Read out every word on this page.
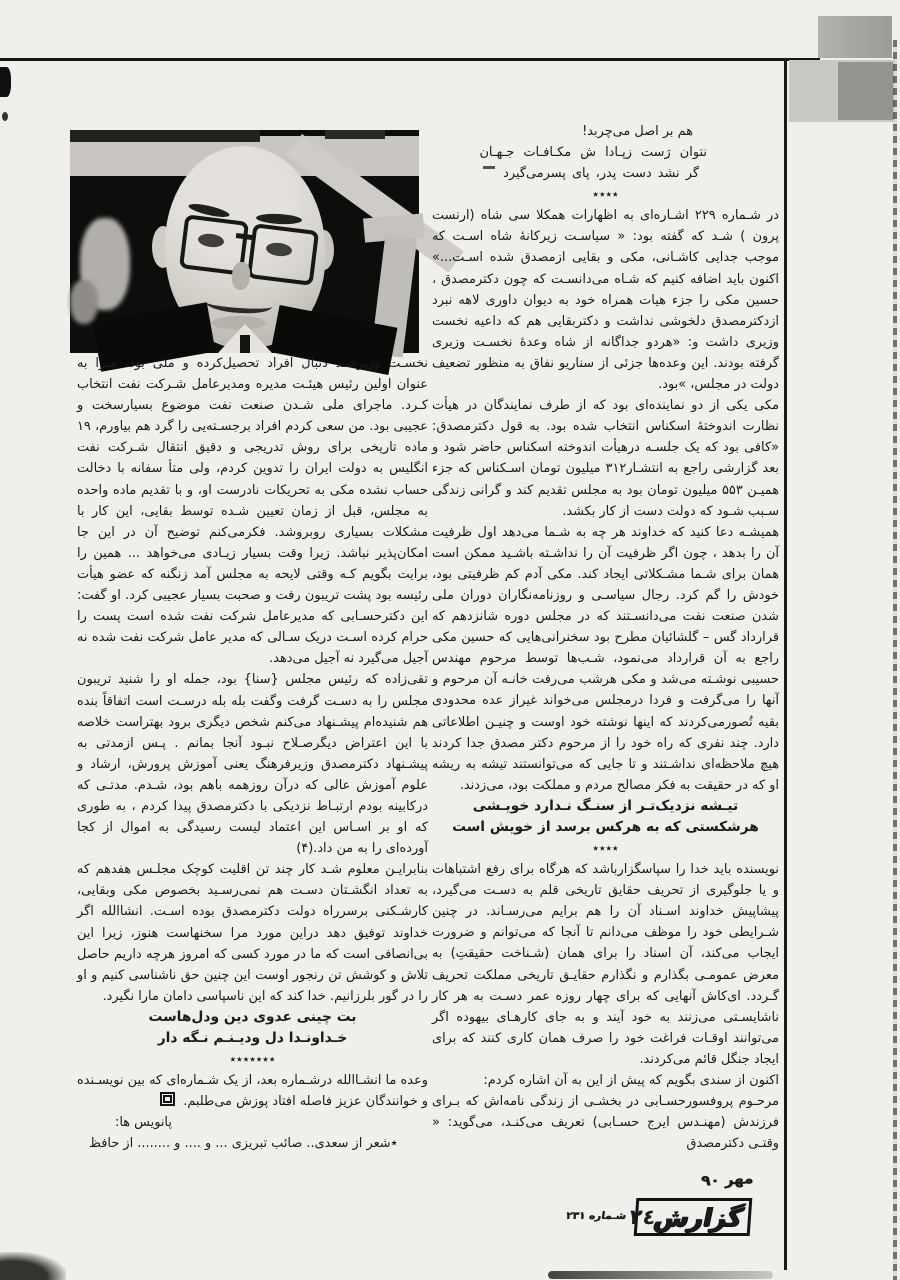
هم بر اصل می‌چربد!

نتوان رَست زپـادا ش مکـافـات جـهـان

گر نشد دست پدر، پای پسرمی‌گیرد

٭٭٭٭

در شـماره ۲۲۹ اشـاره‌ای به اظهارات همکلا سی شاه (ارنست پرون ) شـد که گفته بود: « سیاسـت زیرکانهٔ شاه اسـت که موجب جدایی کاشـانی، مکی و بقایی ازمصدق شده اسـت...» اکنون باید اضافه کنیم که شـاه می‌دانسـت که چون دکترمصدق ، حسین مکی را جزء هیات همراه خود به دیوان داوری لاهه نبرد ازدکترمصدق دلخوشی نداشت و دکتربقایی هم که داعیه نخست وزیری داشت و: «هردو جداگانه از شاه وعدهٔ نخسـت وزیری گرفته بودند. این وعده‌ها جزئی از سناریو نفاق به منظور تضعیف دولت در مجلس، »بود.

مکی یکی از دو نماینده‌ای بود که از طرف نمایندگان در هیأت نظارت اندوختهٔ اسکناس انتخاب شده بود. به قول دکترمصدق: «کافی بود که یک جلسـه درهیأت اندوخته اسکناس حاضر شود و بعد گزارشی راجع به انتشـار۳۱۲ میلیون تومان اسـکناس که جزء همیـن ۵۵۳ میلیون تومان بود به مجلس تقدیم کند و گرانی زندگی سـبب شـود که دولت دست از کار بکشد.

همیشـه دعا کنید که خداوند هر چه به شـما می‌دهد اول ظرفیت آن را بدهد ، چون اگر ظرفیت آن را نداشـته باشـید ممکن است همان برای شـما مشـکلاتی ایجاد کند. مکی آدم کم ظرفیتی بود، خودش را گم کرد. رجال سیاسـی و روزنامه‌نگاران دوران ملی شدن صنعت نفت می‌دانسـتند که در مجلس دوره شانزدهم که قرارداد گس – گلشائیان مطرح بود سخنرانی‌هایی که حسین مکی راجع به آن قرارداد می‌نمود، شـب‌ها توسط مرحوم مهندس حسیبی نوشـته می‌شد و مکی هرشب می‌رفت خانـه آن مرحوم و آنها را می‌گرفت و فردا درمجلس می‌خواند غیراز عده محدودی بقیه تُصورمی‌کردند که اینها نوشته خود اوست و چنیـن اطلاعاتی دارد. چند نفری که راه خود را از مرحوم دکتر مصدق جدا کردند هیچ ملاحظه‌ای نداشـتند و تا جایی که می‌توانستند تیشه به ریشه او که در حقیقت به فکر مصالح مردم و مملکت بود، می‌زدند.

تیـشه نزدیک‌تـر از سنـگ نـدارد خویـشی

هرشکستی که به هرکس برسد از خویش است

٭٭٭٭

نویسنده باید خدا را سپاسگزارباشد که هرگاه برای رفع اشتباهات و یا جلوگیری از تحریف حقایق تاریخی قلم به دسـت می‌گیرد، پیشاپیش خداوند اسـناد آن را هم برایم می‌رسـاند. در چنین شـرایطی خود را موظف می‌دانم تا آنجا که می‌توانم و ضرورت ایجاب می‌کند، آن اسناد را برای همان (شـناخت حقیقتِ) به معرض عمومـی بگذارم و نگذارم حقایـق تاریخی مملکت تحریف گـردد. ای‌کاش آنهایی که برای چهار روزه عمر دسـت به هر کار ناشایسـتی می‌زنند به خود آیند و به جای کارهـای بیهوده اگر می‌توانند اوقـات فراغت خود را صرف همان کاری کنند که برای ایجاد جنگل قائم می‌کردند.

اکنون از سندی بگویم که پیش از این به آن اشاره کردم:

مرحـوم پروفسورحسـابی در بخشـی از زندگی نامه‌اش که بـرای فرزندش (مهنـدس ایرج حسـابی) تعریف می‌کنـد، می‌گوید: « وقتـی دکترمصدق

نخسـت وزیرشـد دنبال افراد تحصیل‌کرده و ملی بود، مـرا به عنوان اولین رئیس هیئـت مدیره ومدیرعامل شـرکت نفت انتخاب کـرد. ماجرای ملی شـدن صنعت نفت موضوع بسیارسخت و عجیبی بود. من سعی کردم افراد برجسـته‌یی را گرد هم بیاورم، ۱۹ ماده تاریخی برای روش تدریجی و دقیق انتقال شـرکت نفت انگلیس به دولت ایران را تدوین کردم، ولی متأ سفانه با دخالت حساب نشده مکی به تحریکات نادرست او، و با تقدیم ماده واحده به مجلس، قبل از زمان تعیین شـده توسط بقایی، این کار با مشکلات بسیاری روبروشد. فکرمی‌کنم توضیح آن در این جا امکان‌پذیر نباشد. زیرا وقت بسیار زیـادی می‌خواهد ... همین را برایت بگویم کـه وقتی لایحه به مجلس آمد زنگنه که عضو هیأت رئیسه بود پشت تریبون رفت و صحبت بسیار عجیبی کرد. او گفت: این دکترحسـابی که مدیرعامل شرکت نفت شده است پست را حرام کرده اسـت دریک سـالی که مدیر عامل شرکت نفت شده نه آجیل می‌گیرد نه آجیل می‌دهد.

تقی‌زاده که رئیس مجلس {سنا} بود، جمله او را شنید تریبون مجلس را به دسـت گرفت وگفت بله بله درسـت است اتفاقاً بنده هم شنیده‌ام پیشـنهاد می‌کنم شخص دیگری برود بهتراست خلاصه با این اعتراض دیگرصـلاح نبـود آنجا بمانم . پـس ازمدتی به پیشـنهاد دکترمصدق وزیرفرهنگ یعنی آموزش پرورش، ارشاد و علوم آموزش عالی که درآن روزهمه باهم بود، شـدم. مدتـی که درکابینه بودم ارتبـاط نزدیکی با دکترمصدق پیدا کردم ، به طوری که او بر اسـاس این اعتماد لیست رسیدگی به اموال از کجا آورده‌ای را به من داد.(۴)

بنابرایـن معلوم شـد کار چند تن اقلیت کوچک مجلـس هفدهم که به تعداد انگشـتان دسـت هم نمی‌رسـید بخصوص مکی وبقایی، کارشـکنی برسرراه دولت دکترمصدق بوده اسـت. انشاالله اگر خداوند توفیق دهد دراین مورد مرا سخنهاست هنوز، زیرا این بی‌انصافی است که ما در مورد کسی که امروز هرچه داریم حاصل تلاش و کوشش تن رنجور اوست این چنین حق ناشناسی کنیم و او را در گور بلرزانیم. خدا کند که این ناسپاسی دامان مارا نگیرد.

بت چینی عدوی دین ودل‌هاست

خـداونـدا دل ودیـنـم نـگه دار

٭٭٭٭٭٭٭

وعده ما انشـاالله درشـماره بعد، از یک شـماره‌ای که بین نویسـنده و خوانندگان عزیز فاصله افتاد پوزش می‌طلبم.

پانویس ها:

٭شعر از سعدی.. صائب تبریزی ... و .... و ........ از حافظ

مهر ۹۰
گزارش
۲٤
شـماره ۲۳۱
